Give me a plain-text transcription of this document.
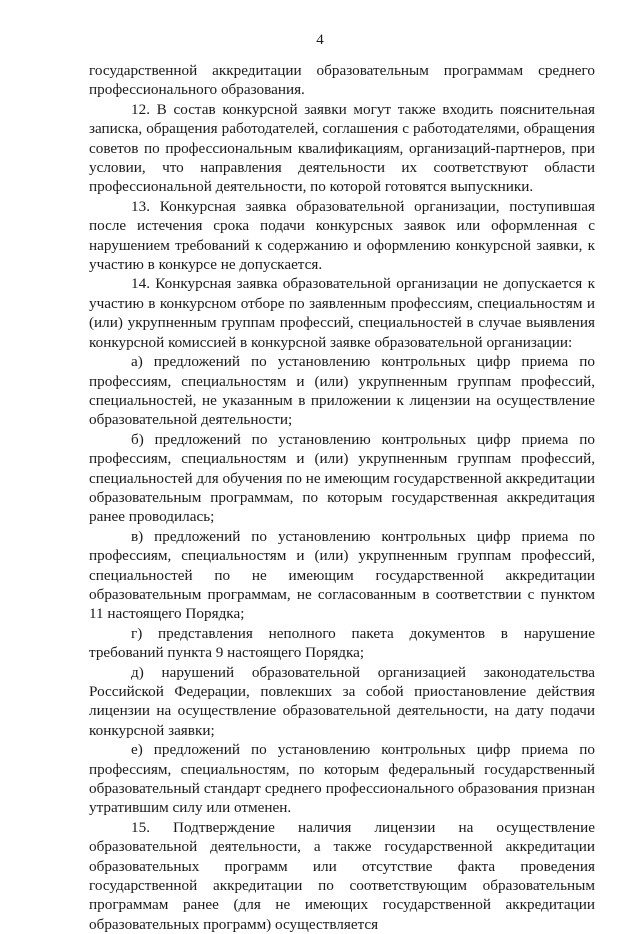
4

государственной аккредитации образовательным программам среднего профессионального образования.

12. В состав конкурсной заявки могут также входить пояснительная записка, обращения работодателей, соглашения с работодателями, обращения советов по профессиональным квалификациям, организаций-партнеров, при условии, что направления деятельности их соответствуют области профессиональной деятельности, по которой готовятся выпускники.

13. Конкурсная заявка образовательной организации, поступившая после истечения срока подачи конкурсных заявок или оформленная с нарушением требований к содержанию и оформлению конкурсной заявки, к участию в конкурсе не допускается.

14. Конкурсная заявка образовательной организации не допускается к участию в конкурсном отборе по заявленным профессиям, специальностям и (или) укрупненным группам профессий, специальностей в случае выявления конкурсной комиссией в конкурсной заявке образовательной организации:

а) предложений по установлению контрольных цифр приема по профессиям, специальностям и (или) укрупненным группам профессий, специальностей, не указанным в приложении к лицензии на осуществление образовательной деятельности;

б) предложений по установлению контрольных цифр приема по профессиям, специальностям и (или) укрупненным группам профессий, специальностей для обучения по не имеющим государственной аккредитации образовательным программам, по которым государственная аккредитация ранее проводилась;

в) предложений по установлению контрольных цифр приема по профессиям, специальностям и (или) укрупненным группам профессий, специальностей по не имеющим государственной аккредитации образовательным программам, не согласованным в соответствии с пунктом 11 настоящего Порядка;

г) представления неполного пакета документов в нарушение требований пункта 9 настоящего Порядка;

д) нарушений образовательной организацией законодательства Российской Федерации, повлекших за собой приостановление действия лицензии на осуществление образовательной деятельности, на дату подачи конкурсной заявки;

е) предложений по установлению контрольных цифр приема по профессиям, специальностям, по которым федеральный государственный образовательный стандарт среднего профессионального образования признан утратившим силу или отменен.

15. Подтверждение наличия лицензии на осуществление образовательной деятельности, а также государственной аккредитации образовательных программ или отсутствие факта проведения государственной аккредитации по соответствующим образовательным программам ранее (для не имеющих государственной аккредитации образовательных программ) осуществляется
